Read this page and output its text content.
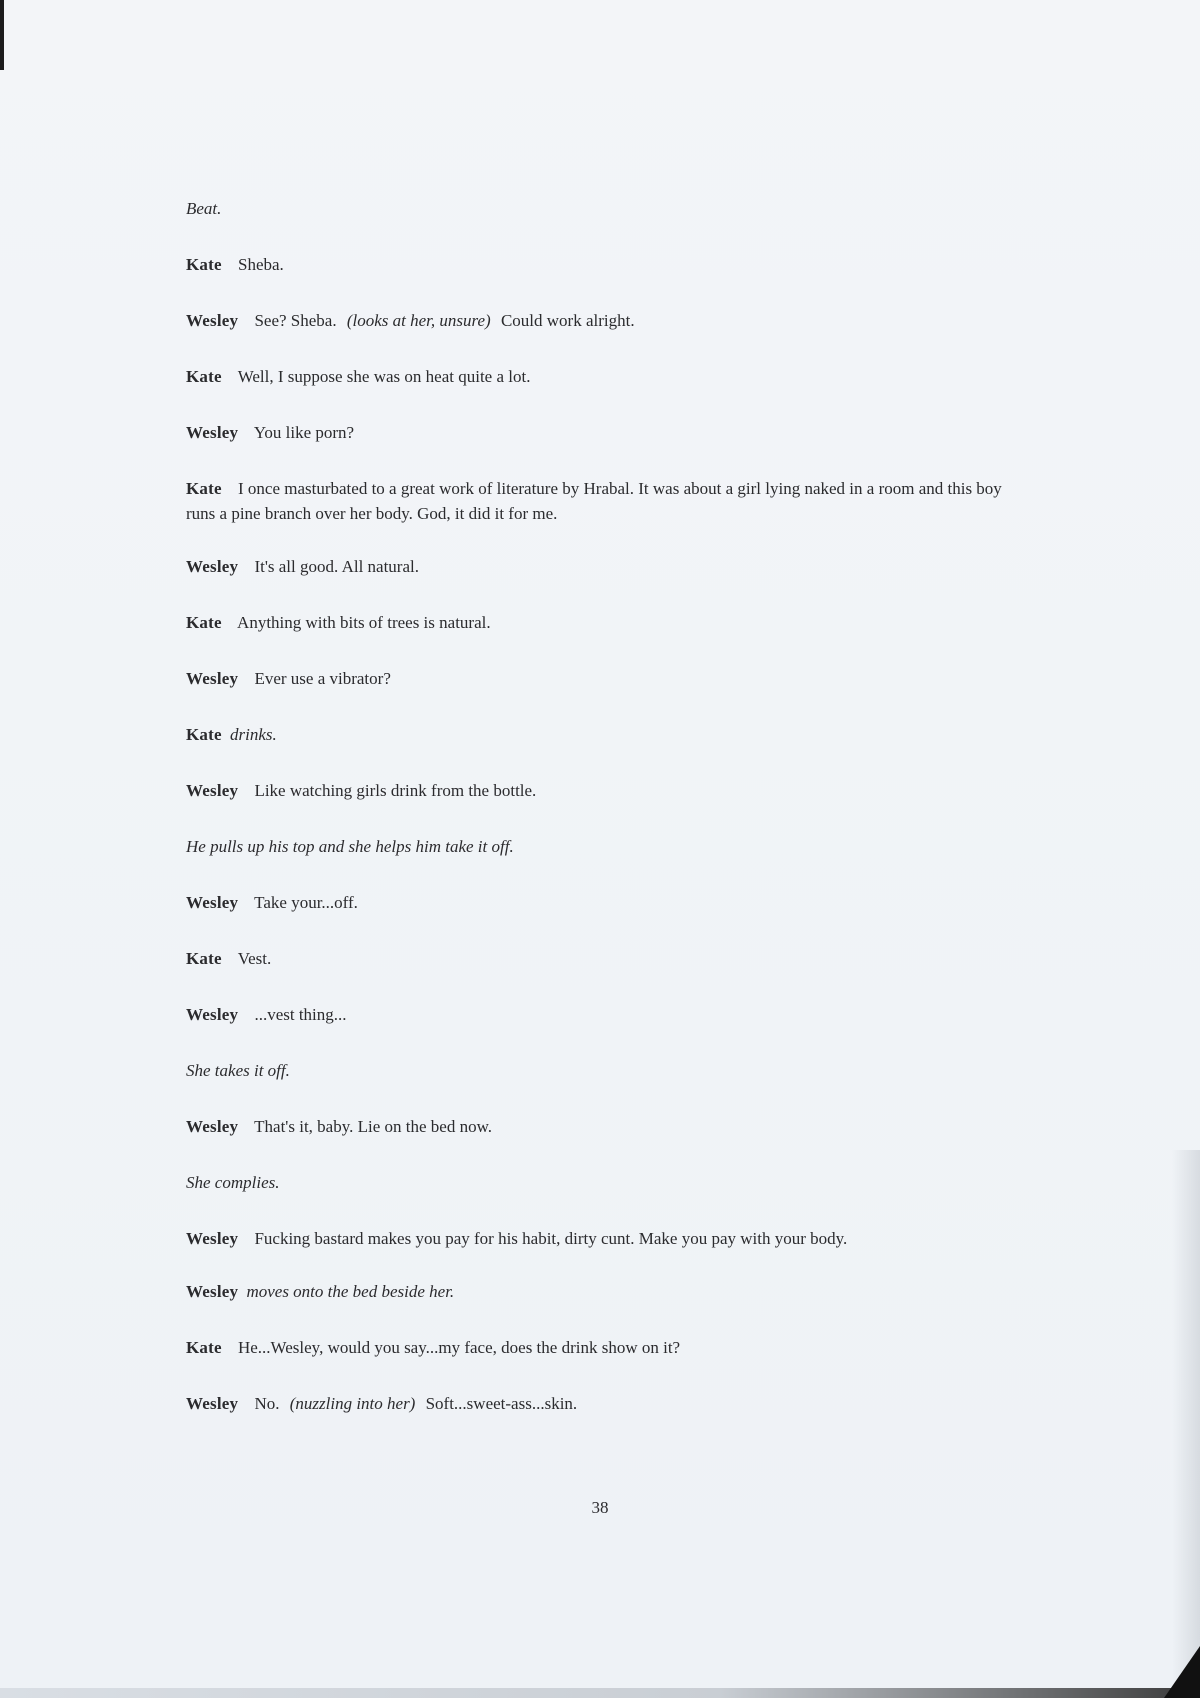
Beat.

Kate Sheba.

Wesley See? Sheba. (looks at her, unsure) Could work alright.

Kate Well, I suppose she was on heat quite a lot.

Wesley You like porn?

Kate I once masturbated to a great work of literature by Hrabal. It was about a girl lying naked in a room and this boy runs a pine branch over her body. God, it did it for me.

Wesley It's all good. All natural.

Kate Anything with bits of trees is natural.

Wesley Ever use a vibrator?

Kate drinks.

Wesley Like watching girls drink from the bottle.

He pulls up his top and she helps him take it off.

Wesley Take your...off.

Kate Vest.

Wesley ...vest thing...

She takes it off.

Wesley That's it, baby. Lie on the bed now.

She complies.

Wesley Fucking bastard makes you pay for his habit, dirty cunt. Make you pay with your body.

Wesley moves onto the bed beside her.

Kate He...Wesley, would you say...my face, does the drink show on it?

Wesley No. (nuzzling into her) Soft...sweet-ass...skin.

38
